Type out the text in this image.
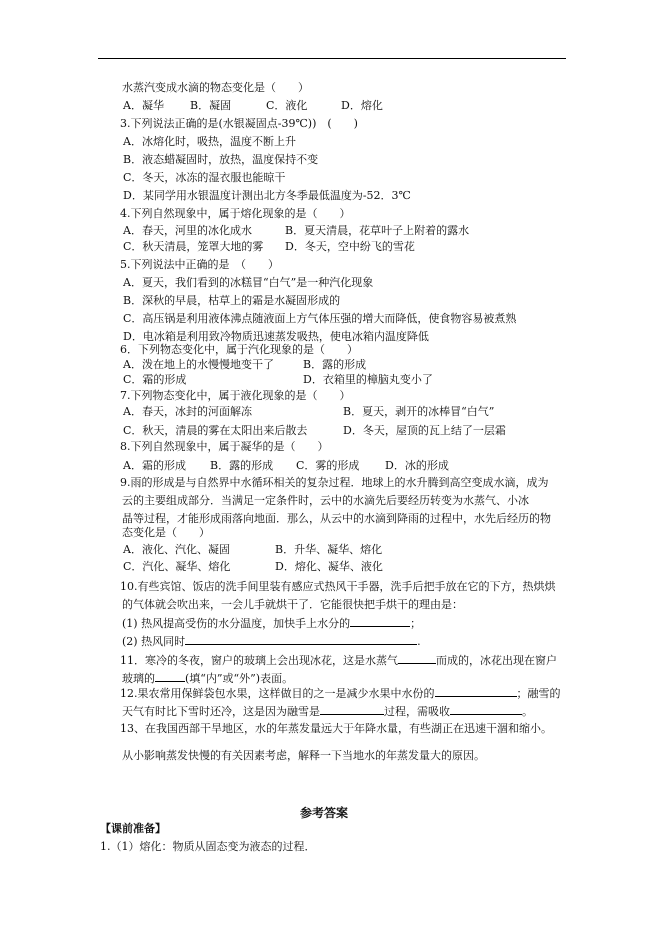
水蒸汽变成水滴的物态变化是（　　）
A．凝华 B．凝固	C．液化	D．熔化
3.下列说法正确的是(水银凝固点-39℃))　(　　)
A．冰熔化时，吸热，温度不断上升
B．液态蜡凝固时，放热，温度保持不变
C．冬天，冰冻的湿衣服也能晾干
D．某同学用水银温度计测出北方冬季最低温度为-52．3℃
4.下列自然现象中，属于熔化现象的是（　　）
A．春天，河里的冰化成水	B．夏天清晨，花草叶子上附着的露水
C．秋天清晨，笼罩大地的雾 D．冬天，空中纷飞的雪花
5.下列说法中正确的是　（　　）
A．夏天，我们看到的冰糕冒“白气”是一种汽化现象
B．深秋的早晨，枯草上的霜是水凝固形成的
C．高压锅是利用液体沸点随液面上方气体压强的增大而降低，使食物容易被煮熟
D．电冰箱是利用致冷物质迅速蒸发吸热，使电冰箱内温度降低
6．下列物态变化中，属于汽化现象的是（　　）
A．泼在地上的水慢慢地变干了	B．露的形成
C．霜的形成	D．衣箱里的樟脑丸变小了
7.下列物态变化中，属于液化现象的是（　　）
A．春天，冰封的河面解冻	B．夏天，剥开的冰棒冒“白气”
C．秋天，清晨的雾在太阳出来后散去	D．冬天，屋顶的瓦上结了一层霜
8.下列自然现象中，属于凝华的是（　　）
A．霜的形成 B．露的形成 C．雾的形成 D．冰的形成
9.雨的形成是与自然界中水循环相关的复杂过程．地球上的水升腾到高空变成水滴，成为
云的主要组成部分．当满足一定条件时，云中的水滴先后要经历转变为水蒸气、小冰
晶等过程，才能形成雨落向地面．那么，从云中的水滴到降雨的过程中，水先后经历的物
态变化是（　　）
A．液化、汽化、凝固	B．升华、凝华、熔化
C．汽化、凝华、熔化	D．熔化、凝华、液化
10.有些宾馆、饭店的洗手间里装有感应式热风干手器，洗手后把手放在它的下方，热烘烘
的气体就会吹出来，一会儿手就烘干了．它能很快把手烘干的理由是：
(1) 热风提高受伤的水分温度，加快手上水分的	；
(2) 热风同时	.
11．寒冷的冬夜，窗户的玻璃上会出现冰花，这是水蒸气	而成的，冰花出现在窗户
玻璃的	(填“内”或“外”)表面。
12.果农常用保鲜袋包水果，这样做目的之一是减少水果中水份的	；融雪的
天气有时比下雪时还冷，这是因为融雪是	过程，需吸收	。
13、在我国西部干旱地区，水的年蒸发量远大于年降水量，有些湖正在迅速干涸和缩小。
从小影响蒸发快慢的有关因素考虑，解释一下当地水的年蒸发量大的原因。
参考答案
【课前准备】
1.（1）熔化：物质从固态变为液态的过程．
